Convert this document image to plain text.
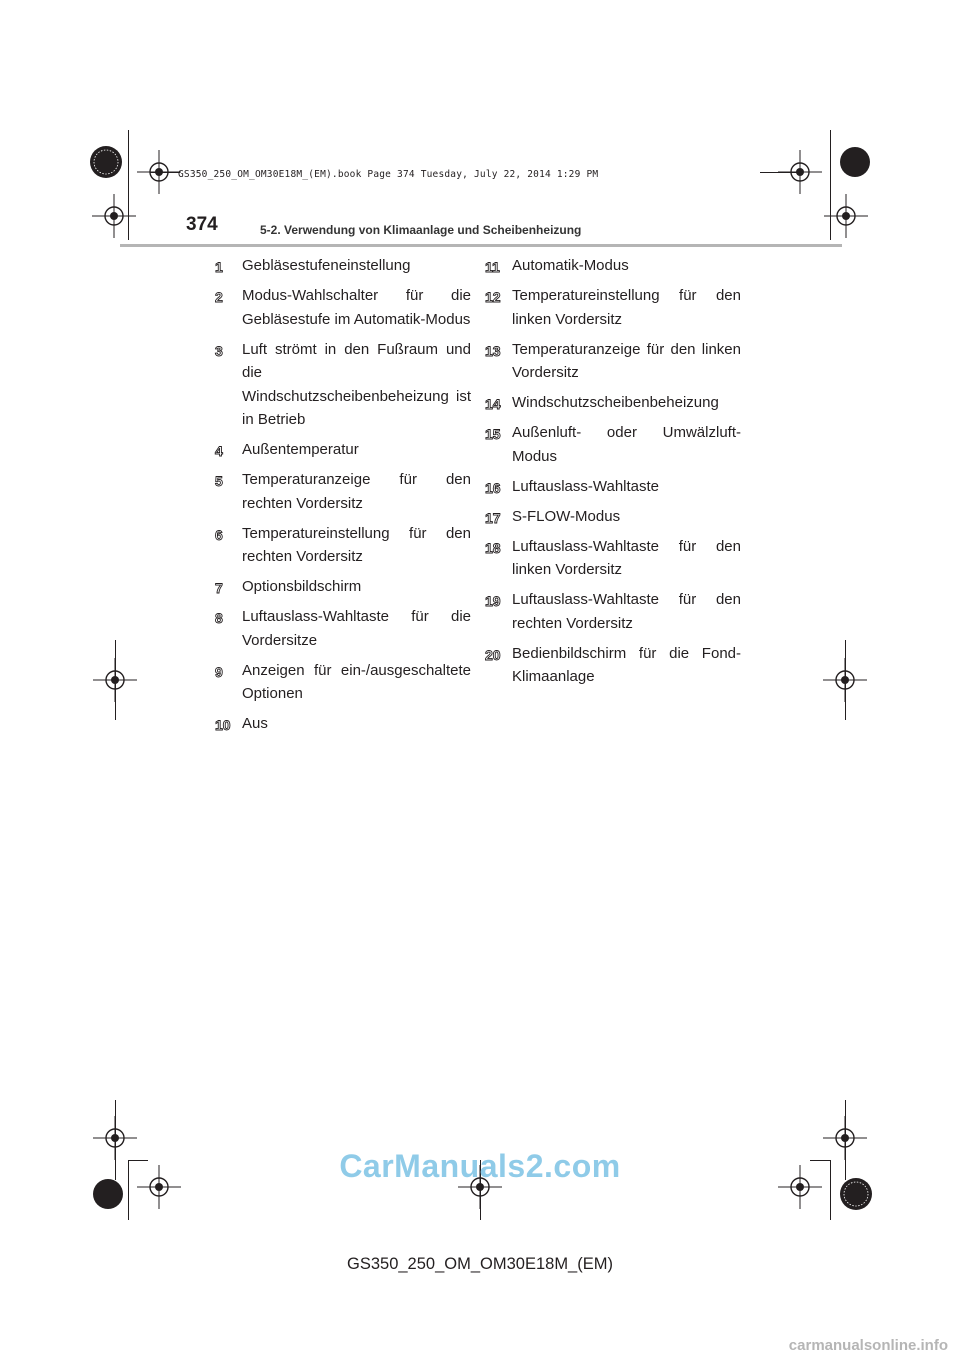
GS350_250_OM_OM30E18M_(EM).book Page 374 Tuesday, July 22, 2014 1:29 PM
374	5-2. Verwendung von Klimaanlage und Scheibenheizung
1 Gebläsestufeneinstellung
2 Modus-Wahlschalter für die Gebläsestufe im Automatik-Modus
3 Luft strömt in den Fußraum und die Windschutzscheibenbeheizung ist in Betrieb
4 Außentemperatur
5 Temperaturanzeige für den rechten Vordersitz
6 Temperatureinstellung für den rechten Vordersitz
7 Optionsbildschirm
8 Luftauslass-Wahltaste für die Vordersitze
9 Anzeigen für ein-/ausgeschaltete Optionen
10 Aus
11 Automatik-Modus
12 Temperatureinstellung für den linken Vordersitz
13 Temperaturanzeige für den linken Vordersitz
14 Windschutzscheibenbeheizung
15 Außenluft- oder Umwälzluft-Modus
16 Luftauslass-Wahltaste
17 S-FLOW-Modus
18 Luftauslass-Wahltaste für den linken Vordersitz
19 Luftauslass-Wahltaste für den rechten Vordersitz
20 Bedienbildschirm für die Fond-Klimaanlage
CarManuals2.com
GS350_250_OM_OM30E18M_(EM)
carmanualsonline.info
